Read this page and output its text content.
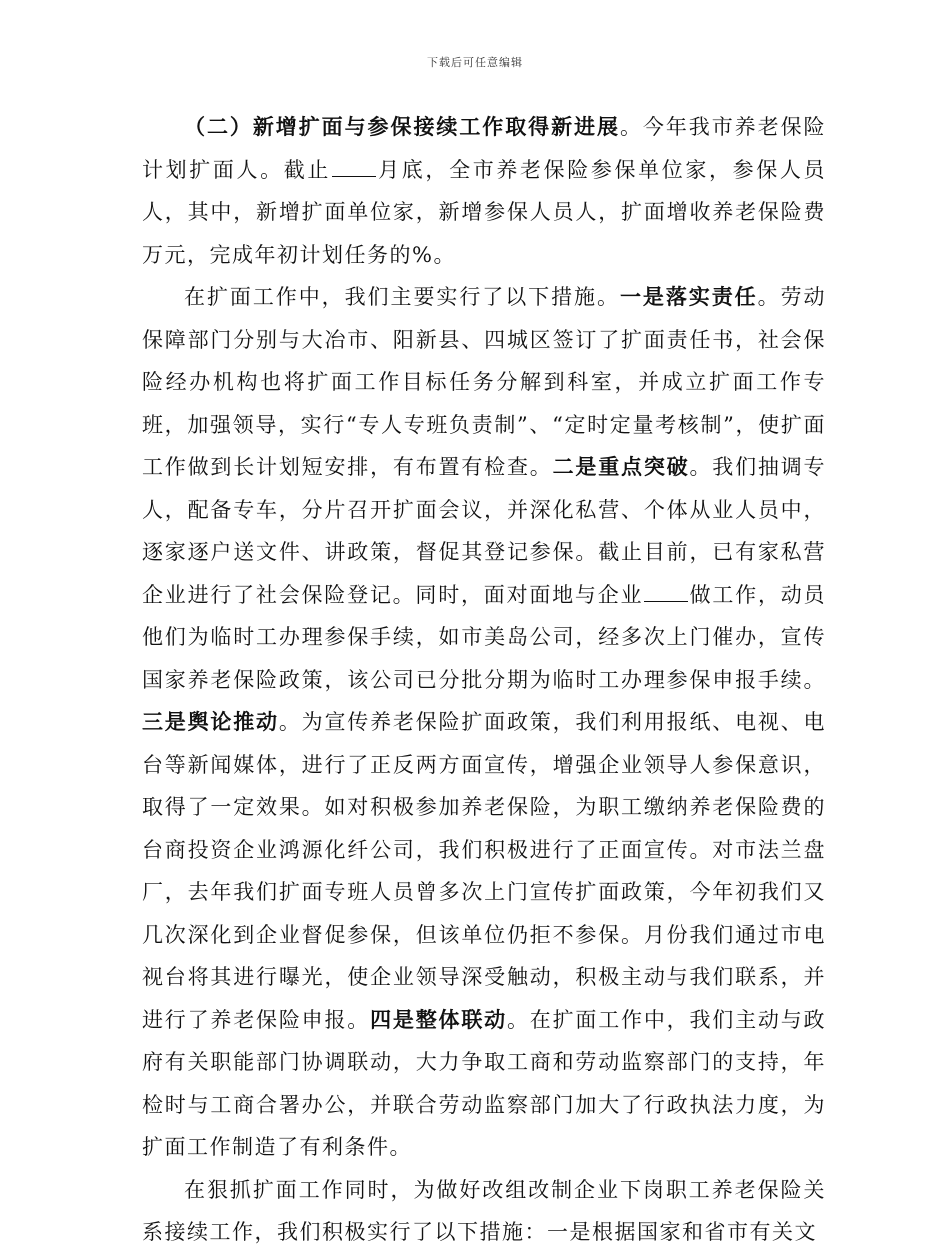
下载后可任意编辑

（二）新增扩面与参保接续工作取得新进展。今年我市养老保险计划扩面人。截止 月底，全市养老保险参保单位家，参保人员人，其中，新增扩面单位家，新增参保人员人，扩面增收养老保险费万元，完成年初计划任务的%。

在扩面工作中，我们主要实行了以下措施。一是落实责任。劳动保障部门分别与大冶市、阳新县、四城区签订了扩面责任书，社会保险经办机构也将扩面工作目标任务分解到科室，并成立扩面工作专班，加强领导，实行“专人专班负责制”、“定时定量考核制”，使扩面工作做到长计划短安排，有布置有检查。二是重点突破。我们抽调专人，配备专车，分片召开扩面会议，并深化私营、个体从业人员中，逐家逐户送文件、讲政策，督促其登记参保。截止目前，已有家私营企业进行了社会保险登记。同时，面对面地与企业 做工作，动员他们为临时工办理参保手续，如市美岛公司，经多次上门催办，宣传国家养老保险政策，该公司已分批分期为临时工办理参保申报手续。三是舆论推动。为宣传养老保险扩面政策，我们利用报纸、电视、电台等新闻媒体，进行了正反两方面宣传，增强企业领导人参保意识，取得了一定效果。如对积极参加养老保险，为职工缴纳养老保险费的台商投资企业鸿源化纤公司，我们积极进行了正面宣传。对市法兰盘厂，去年我们扩面专班人员曾多次上门宣传扩面政策，今年初我们又几次深化到企业督促参保，但该单位仍拒不参保。月份我们通过市电视台将其进行曝光，使企业领导深受触动，积极主动与我们联系，并进行了养老保险申报。四是整体联动。在扩面工作中，我们主动与政府有关职能部门协调联动，大力争取工商和劳动监察部门的支持，年检时与工商合署办公，并联合劳动监察部门加大了行政执法力度，为扩面工作制造了有利条件。

在狠抓扩面工作同时，为做好改组改制企业下岗职工养老保险关系接续工作，我们积极实行了以下措施：一是根据国家和省市有关文
